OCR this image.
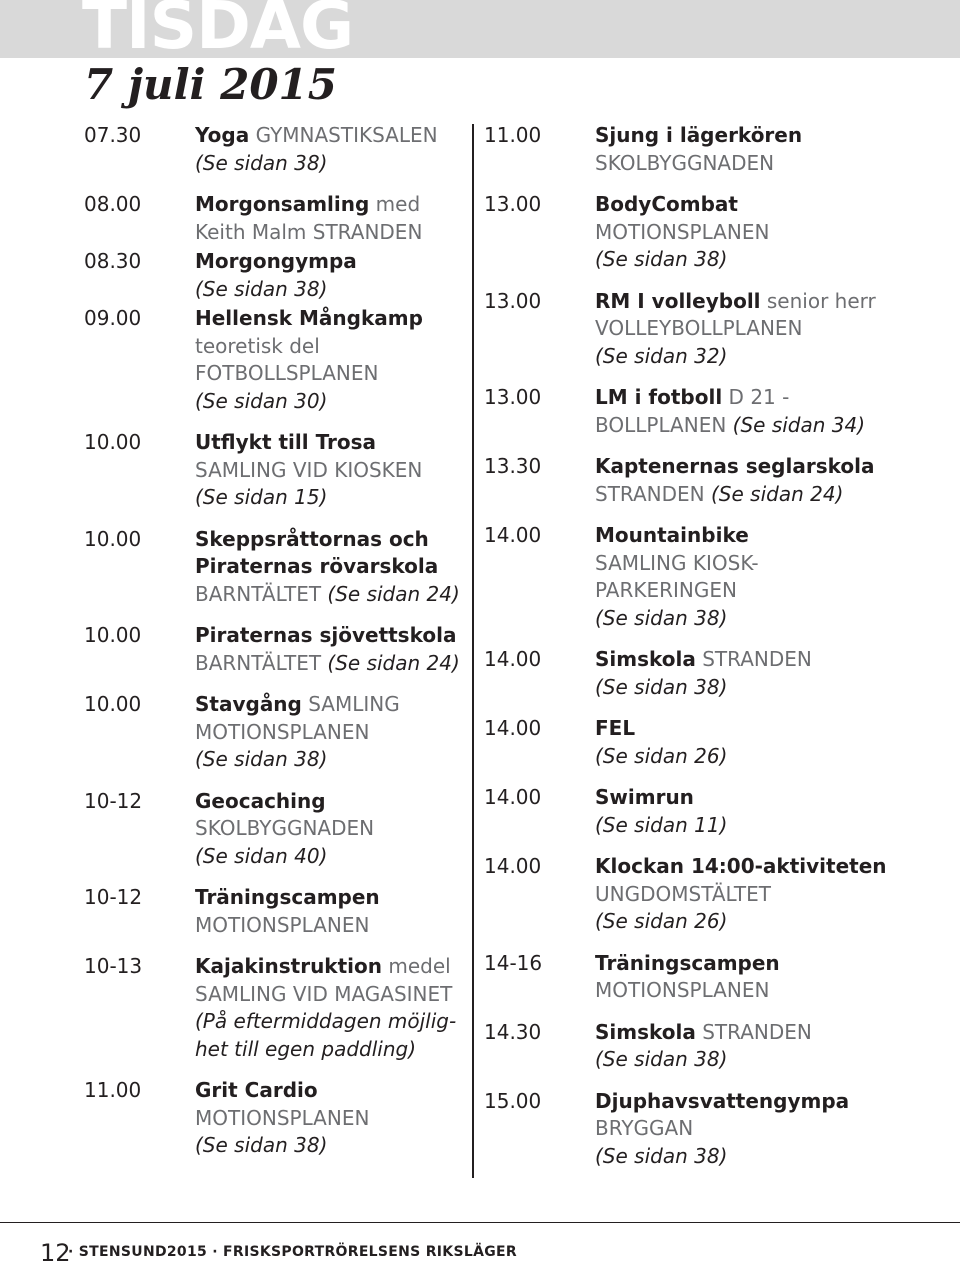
TISDAG
7 juli 2015
07.30	Yoga GYMNASTIKSALEN
(Se sidan 38)
08.00	Morgonsamling med
Keith Malm STRANDEN
08.30	Morgongympa
(Se sidan 38)
09.00	Hellensk Mångkamp
teoretisk del
FOTBOLLSPLANEN
(Se sidan 30)
10.00	Utflykt till Trosa
SAMLING VID KIOSKEN
(Se sidan 15)
10.00	Skeppsråttornas och
Piraternas rövarskola
BARNTÄLTET (Se sidan 24)
10.00	Piraternas sjövettskola
BARNTÄLTET (Se sidan 24)
10.00	Stavgång SAMLING
MOTIONSPLANEN
(Se sidan 38)
10-12	Geocaching
SKOLBYGGNADEN
(Se sidan 40)
10-12	Träningscampen
MOTIONSPLANEN
10-13	Kajakinstruktion medel
SAMLING VID MAGASINET
(På eftermiddagen möjlig-
het till egen paddling)
11.00	Grit Cardio
MOTIONSPLANEN
(Se sidan 38)
11.00	Sjung i lägerkören
SKOLBYGGNADEN
13.00	BodyCombat
MOTIONSPLANEN
(Se sidan 38)
13.00	RM I volleyboll senior herr
VOLLEYBOLLPLANEN
(Se sidan 32)
13.00	LM i fotboll D 21 -
BOLLPLANEN (Se sidan 34)
13.30	Kaptenernas seglarskola
STRANDEN (Se sidan 24)
14.00	Mountainbike
SAMLING KIOSK-
PARKERINGEN
(Se sidan 38)
14.00	Simskola STRANDEN
(Se sidan 38)
14.00	FEL
(Se sidan 26)
14.00	Swimrun
(Se sidan 11)
14.00	Klockan 14:00-aktiviteten
UNGDOMSTÄLTET
(Se sidan 26)
14-16	Träningscampen
MOTIONSPLANEN
14.30	Simskola STRANDEN
(Se sidan 38)
15.00	Djuphavsvattengympa
BRYGGAN
(Se sidan 38)
12
· STENSUND2015 · FRISKSPORTRÖRELSENS RIKSLÄGER
